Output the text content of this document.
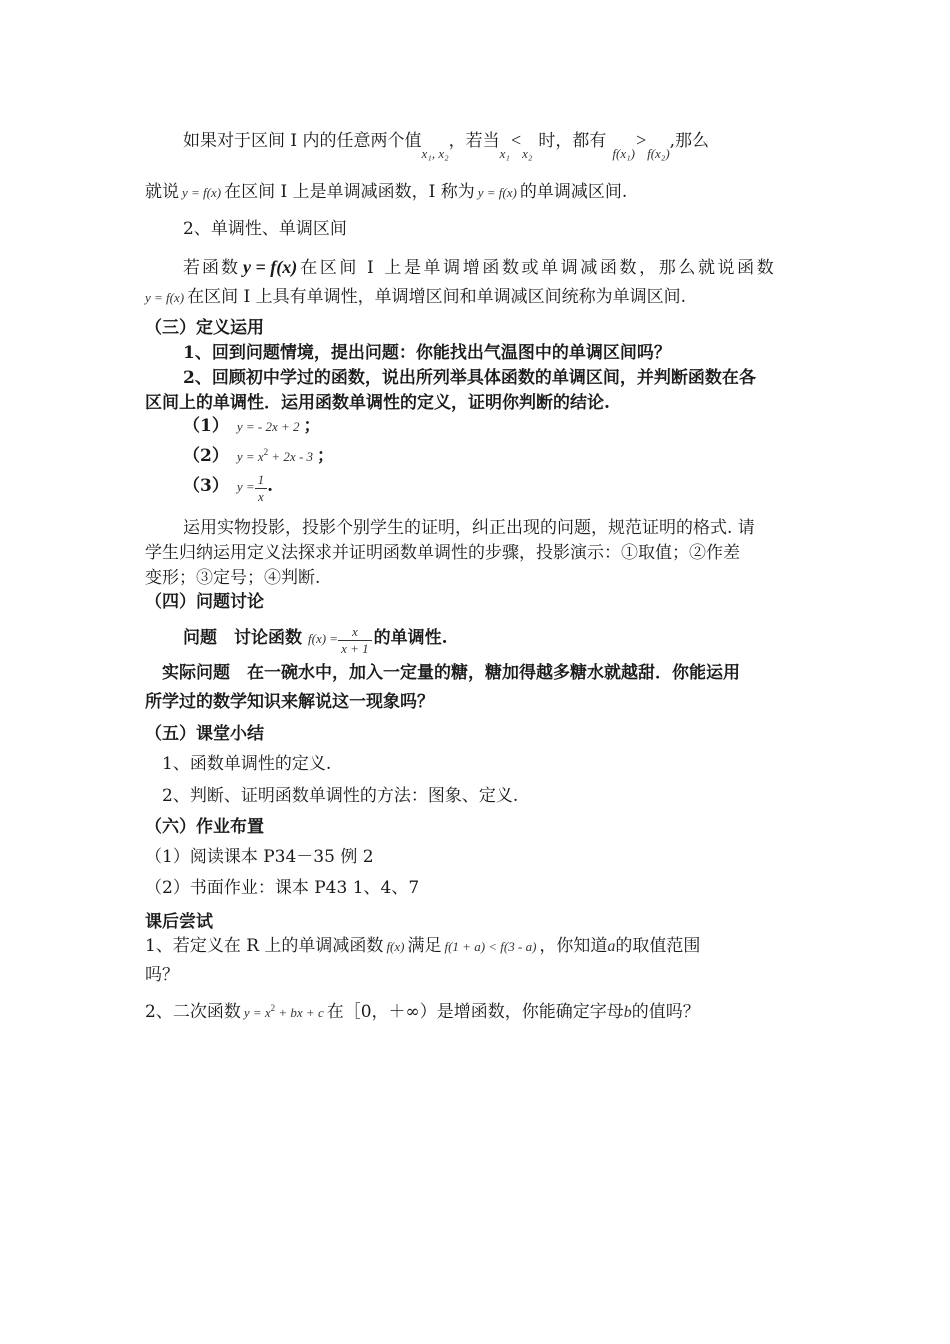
如果对于区间 I 内的任意两个值$_{x_1, x_2}$，若当$_{x_1}<_{x_2}$时，都有$_{f(x_1)}>_{f(x_2)}$,那么
就说 y = f(x) 在区间 I 上是单调减函数，I 称为 y = f(x) 的单调减区间.
2、单调性、单调区间
若函数 y = f(x) 在区间 I 上是单调增函数或单调减函数，那么就说函数
y = f(x) 在区间 I 上具有单调性，单调增区间和单调减区间统称为单调区间.
（三）定义运用
1、回到问题情境，提出问题：你能找出气温图中的单调区间吗？
2、回顾初中学过的函数，说出所列举具体函数的单调区间，并判断函数在各
区间上的单调性．运用函数单调性的定义，证明你判断的结论.
（1） y = - 2x + 2 ；
（2） $y = x^2 + 2x - 3$ ；
（3） $y = \frac{1}{x}$ .
运用实物投影，投影个别学生的证明，纠正出现的问题，规范证明的格式. 请
学生归纳运用定义法探求并证明函数单调性的步骤，投影演示：①取值；②作差
变形；③定号；④判断.
（四）问题讨论
问题　讨论函数 $f(x) = \frac{x}{x + 1}$ 的单调性.
实际问题　在一碗水中，加入一定量的糖，糖加得越多糖水就越甜．你能运用
所学过的数学知识来解说这一现象吗？
（五）课堂小结
1、函数单调性的定义.
2、判断、证明函数单调性的方法：图象、定义.
（六）作业布置
（1）阅读课本 P34－35 例 2
（2）书面作业：课本 P43 1、4、7
课后尝试
1、若定义在 R 上的单调减函数 f(x) 满足 f(1 + a) < f(3 - a) ，你知道a的取值范围
吗？
2、二次函数 $y = x^2$ + bx + c 在［0，＋∞）是增函数，你能确定字母b的值吗？
